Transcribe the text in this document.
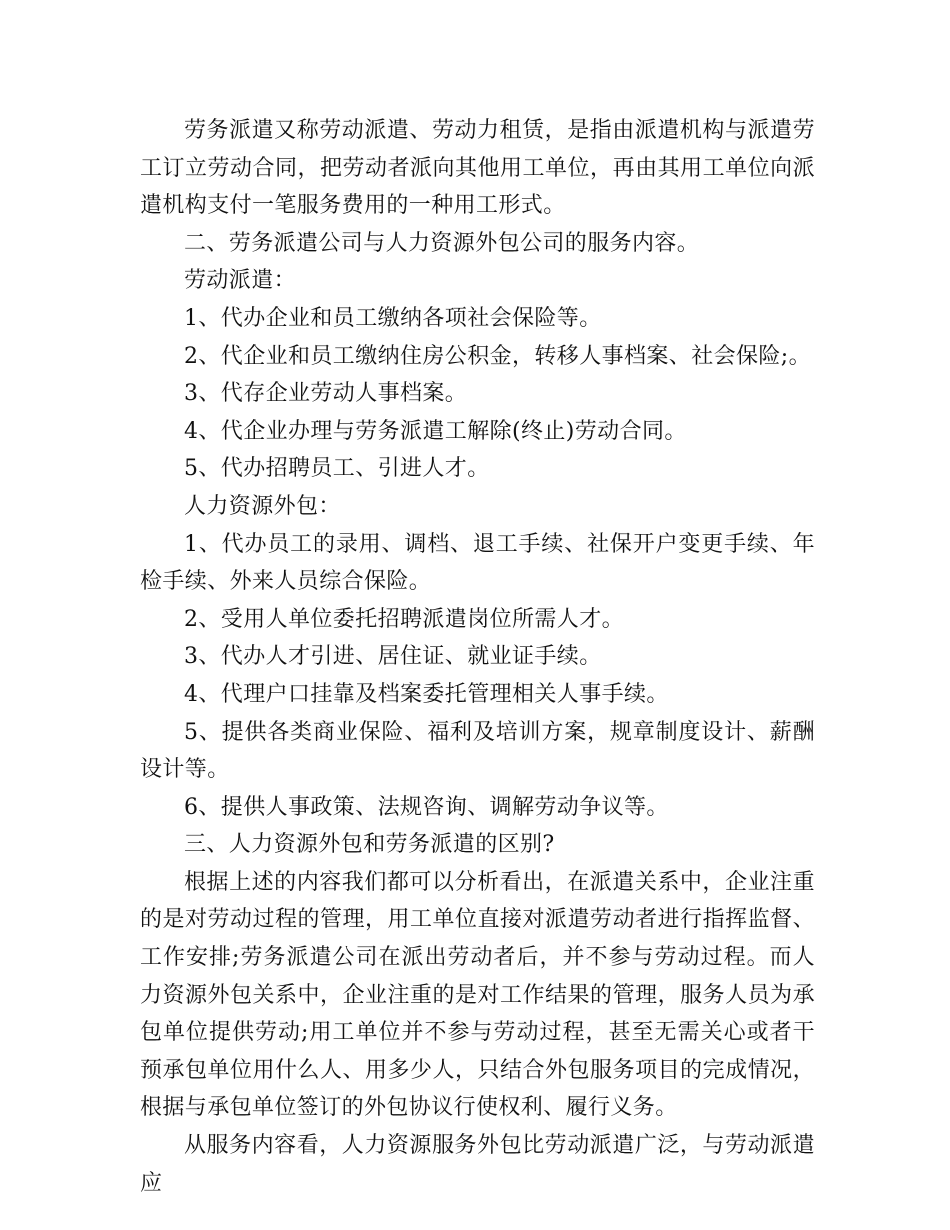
劳务派遣又称劳动派遣、劳动力租赁，是指由派遣机构与派遣劳工订立劳动合同，把劳动者派向其他用工单位，再由其用工单位向派遣机构支付一笔服务费用的一种用工形式。

二、劳务派遣公司与人力资源外包公司的服务内容。

劳动派遣：

1、代办企业和员工缴纳各项社会保险等。

2、代企业和员工缴纳住房公积金，转移人事档案、社会保险;。

3、代存企业劳动人事档案。

4、代企业办理与劳务派遣工解除(终止)劳动合同。

5、代办招聘员工、引进人才。

人力资源外包：

1、代办员工的录用、调档、退工手续、社保开户变更手续、年检手续、外来人员综合保险。

2、受用人单位委托招聘派遣岗位所需人才。

3、代办人才引进、居住证、就业证手续。

4、代理户口挂靠及档案委托管理相关人事手续。

5、提供各类商业保险、福利及培训方案，规章制度设计、薪酬设计等。

6、提供人事政策、法规咨询、调解劳动争议等。

三、人力资源外包和劳务派遣的区别?

根据上述的内容我们都可以分析看出，在派遣关系中，企业注重的是对劳动过程的管理，用工单位直接对派遣劳动者进行指挥监督、工作安排;劳务派遣公司在派出劳动者后，并不参与劳动过程。而人力资源外包关系中，企业注重的是对工作结果的管理，服务人员为承包单位提供劳动;用工单位并不参与劳动过程，甚至无需关心或者干预承包单位用什么人、用多少人，只结合外包服务项目的完成情况，根据与承包单位签订的外包协议行使权利、履行义务。

从服务内容看，人力资源服务外包比劳动派遣广泛，与劳动派遣应
